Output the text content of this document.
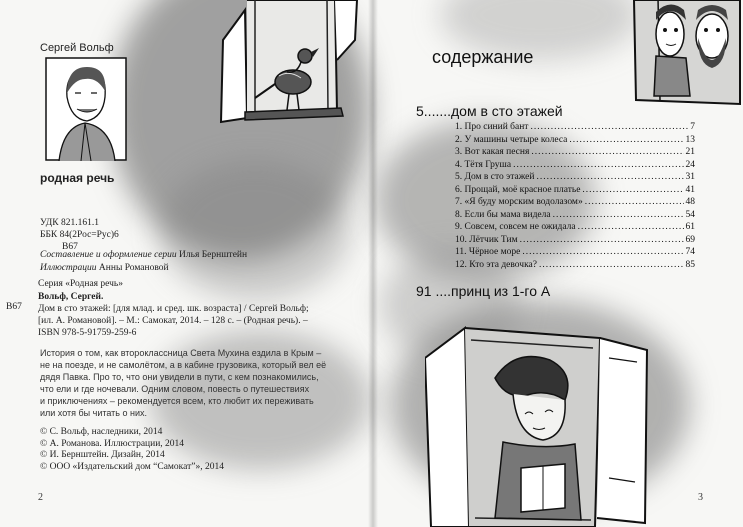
Сергей Вольф
родная речь
УДК 821.161.1
ББК 84(2Рос=Рус)6
В67
Составление и оформление серии Илья Бернштейн
Иллюстрации Анны Романовой
В67
Серия «Родная речь»
Вольф, Сергей.
Дом в сто этажей: [для млад. и сред. шк. возраста] / Сергей Вольф;
[ил. А. Романовой]. – М.: Самокат, 2014. – 128 с. – (Родная речь). –
ISBN 978-5-91759-259-6
История о том, как второклассница Света Мухина ездила в Крым –
не на поезде, и не самолётом, а в кабине грузовика, который вел её
дядя Павка. Про то, что они увидели в пути, с кем познакомились,
что ели и где ночевали. Одним словом, повесть о путешествиях
и приключениях – рекомендуется всем, кто любит их переживать
или хотя бы читать о них.
© С. Вольф, наследники, 2014
© А. Романова. Иллюстрации, 2014
© И. Бернштейн. Дизайн, 2014
© ООО «Издательский дом “Самокат”», 2014
2
содержание
5.......дом в сто этажей
1. Про синий бант .....	7
2. У машины четыре колеса .....	13
3. Вот какая песня .....	21
4. Тётя Груша .....	24
5. Дом в сто этажей .....	31
6. Прощай, моё красное платье .....	41
7. «Я буду морским водолазом» .....	48
8. Если бы мама видела .....	54
9. Совсем, совсем не ожидала .....	61
10. Лётчик Тим .....	69
11. Чёрное море .....	74
12. Кто эта девочка? .....	85
91 ....принц из 1-го А
3
